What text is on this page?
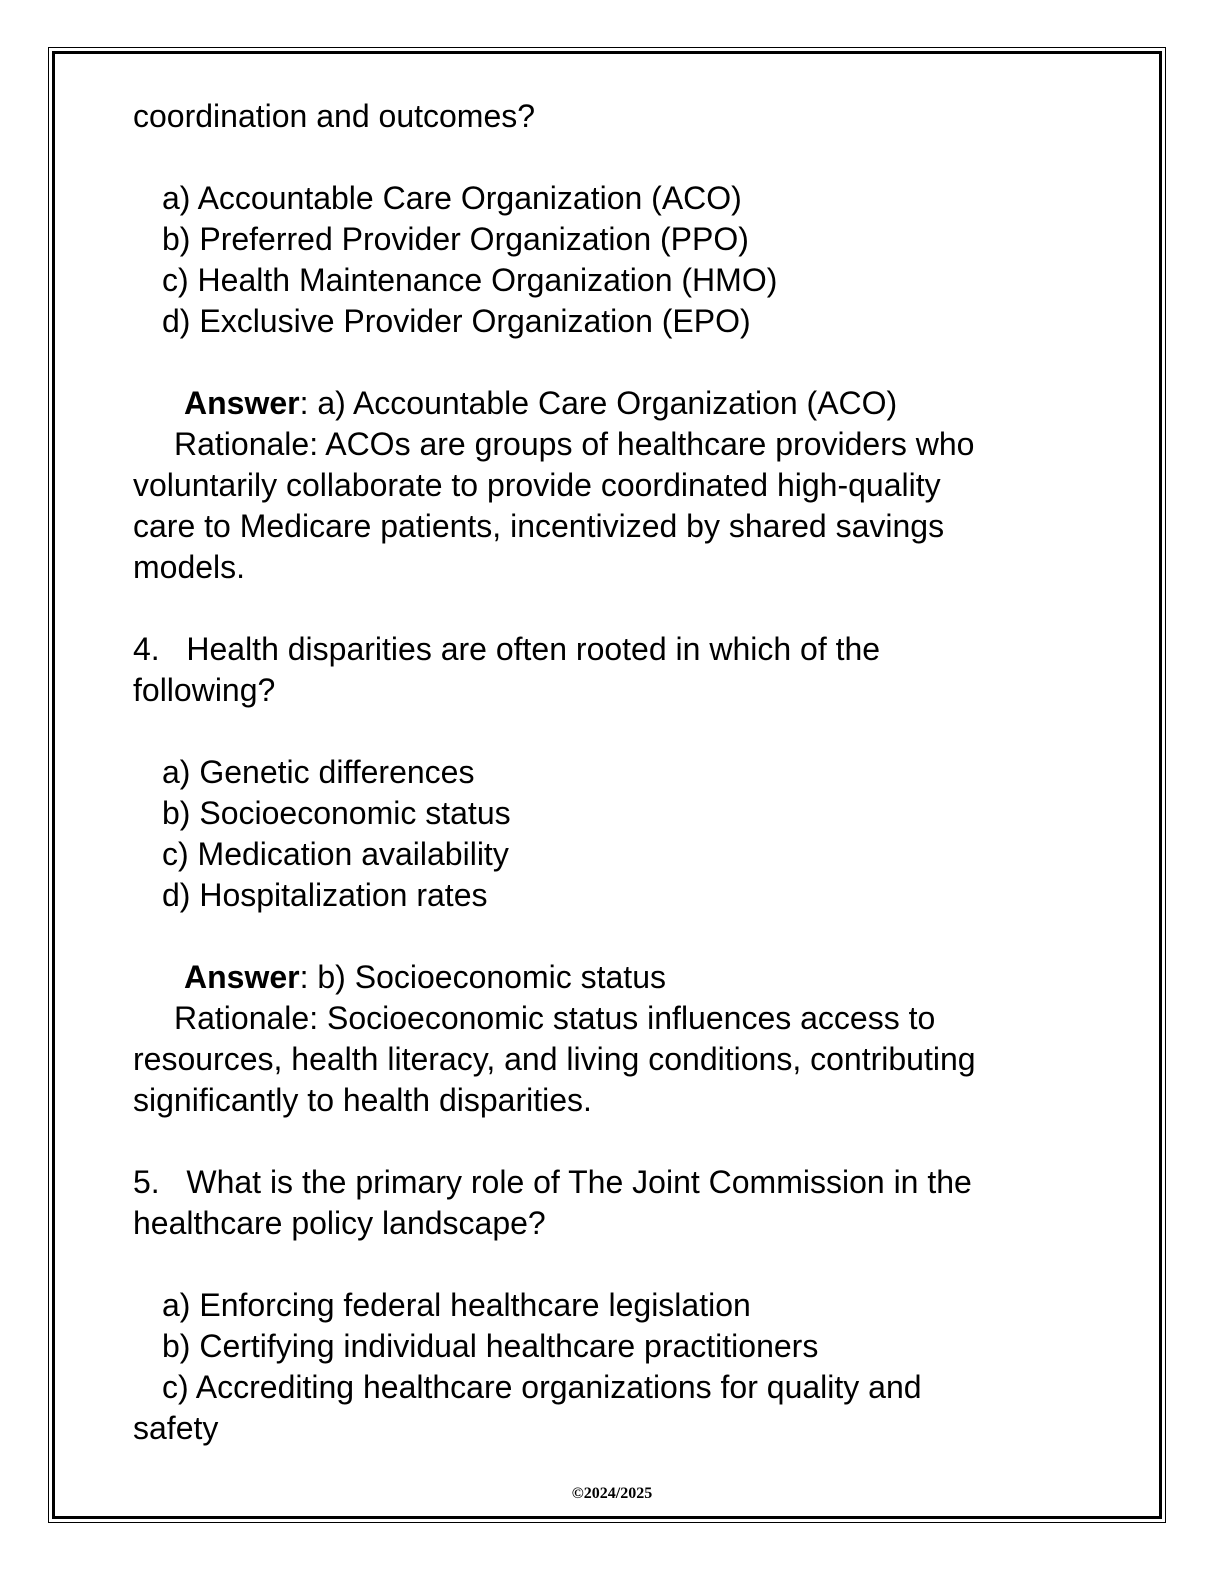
coordination and outcomes?
a) Accountable Care Organization (ACO)
b) Preferred Provider Organization (PPO)
c) Health Maintenance Organization (HMO)
d) Exclusive Provider Organization (EPO)
Answer: a) Accountable Care Organization (ACO)
Rationale: ACOs are groups of healthcare providers who
voluntarily collaborate to provide coordinated high-quality
care to Medicare patients, incentivized by shared savings
models.
4.   Health disparities are often rooted in which of the
following?
a) Genetic differences
b) Socioeconomic status
c) Medication availability
d) Hospitalization rates
Answer: b) Socioeconomic status
Rationale: Socioeconomic status influences access to
resources, health literacy, and living conditions, contributing
significantly to health disparities.
5.   What is the primary role of The Joint Commission in the
healthcare policy landscape?
a) Enforcing federal healthcare legislation
b) Certifying individual healthcare practitioners
c) Accrediting healthcare organizations for quality and
safety
©2024/2025
